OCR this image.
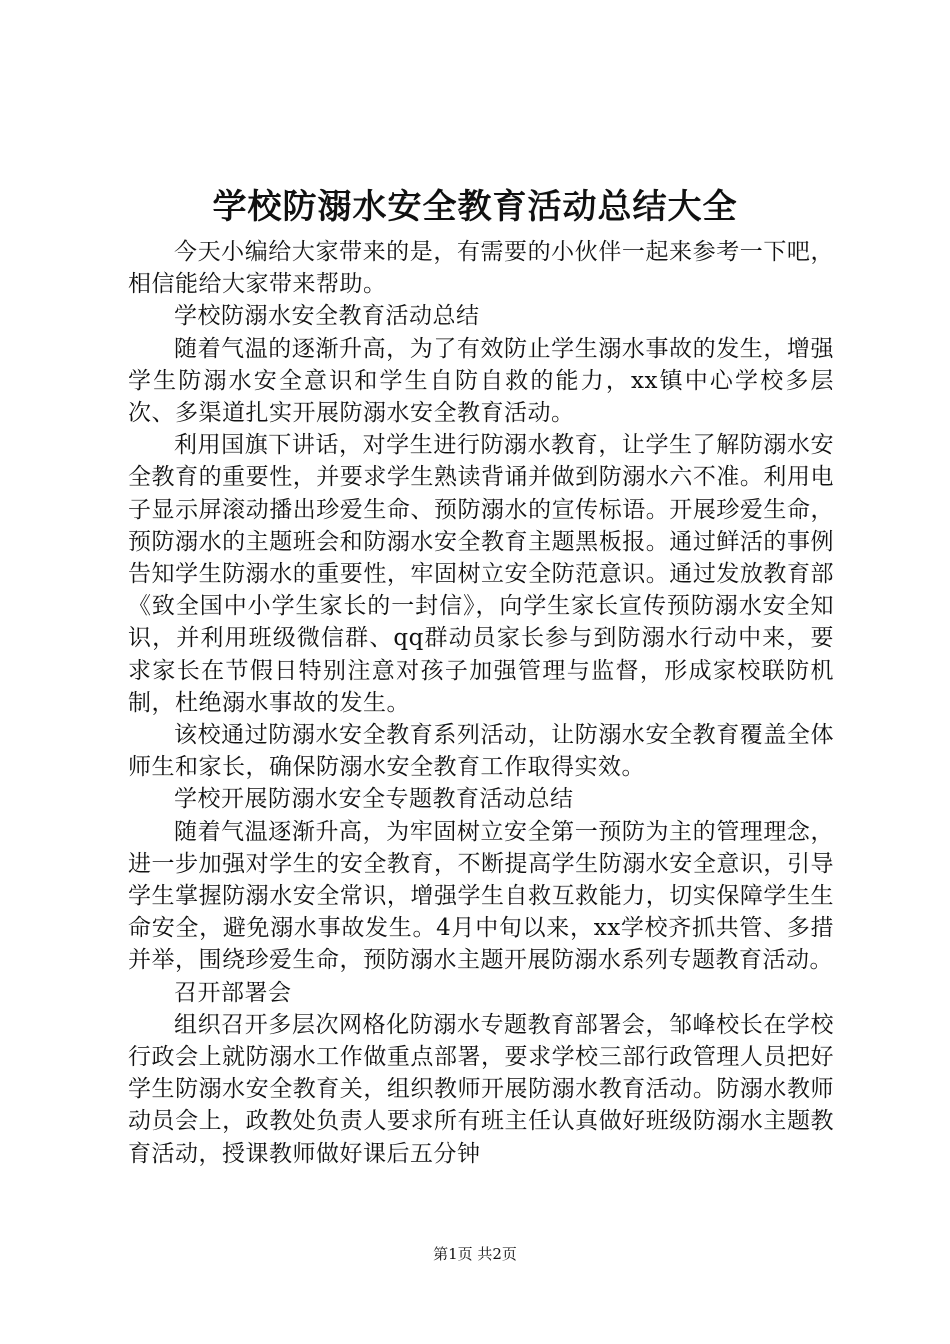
学校防溺水安全教育活动总结大全

今天小编给大家带来的是，有需要的小伙伴一起来参考一下吧，相信能给大家带来帮助。

学校防溺水安全教育活动总结

随着气温的逐渐升高，为了有效防止学生溺水事故的发生，增强学生防溺水安全意识和学生自防自救的能力，xx镇中心学校多层次、多渠道扎实开展防溺水安全教育活动。

利用国旗下讲话，对学生进行防溺水教育，让学生了解防溺水安全教育的重要性，并要求学生熟读背诵并做到防溺水六不准。利用电子显示屏滚动播出珍爱生命、预防溺水的宣传标语。开展珍爱生命，预防溺水的主题班会和防溺水安全教育主题黑板报。通过鲜活的事例告知学生防溺水的重要性，牢固树立安全防范意识。通过发放教育部《致全国中小学生家长的一封信》，向学生家长宣传预防溺水安全知识，并利用班级微信群、qq群动员家长参与到防溺水行动中来，要求家长在节假日特别注意对孩子加强管理与监督，形成家校联防机制，杜绝溺水事故的发生。

该校通过防溺水安全教育系列活动，让防溺水安全教育覆盖全体师生和家长，确保防溺水安全教育工作取得实效。

学校开展防溺水安全专题教育活动总结

随着气温逐渐升高，为牢固树立安全第一预防为主的管理理念，进一步加强对学生的安全教育，不断提高学生防溺水安全意识，引导学生掌握防溺水安全常识，增强学生自救互救能力，切实保障学生生命安全，避免溺水事故发生。4月中旬以来，xx学校齐抓共管、多措并举，围绕珍爱生命，预防溺水主题开展防溺水系列专题教育活动。

召开部署会

组织召开多层次网格化防溺水专题教育部署会，邹峰校长在学校行政会上就防溺水工作做重点部署，要求学校三部行政管理人员把好学生防溺水安全教育关，组织教师开展防溺水教育活动。防溺水教师动员会上，政教处负责人要求所有班主任认真做好班级防溺水主题教育活动，授课教师做好课后五分钟

第1页 共2页
